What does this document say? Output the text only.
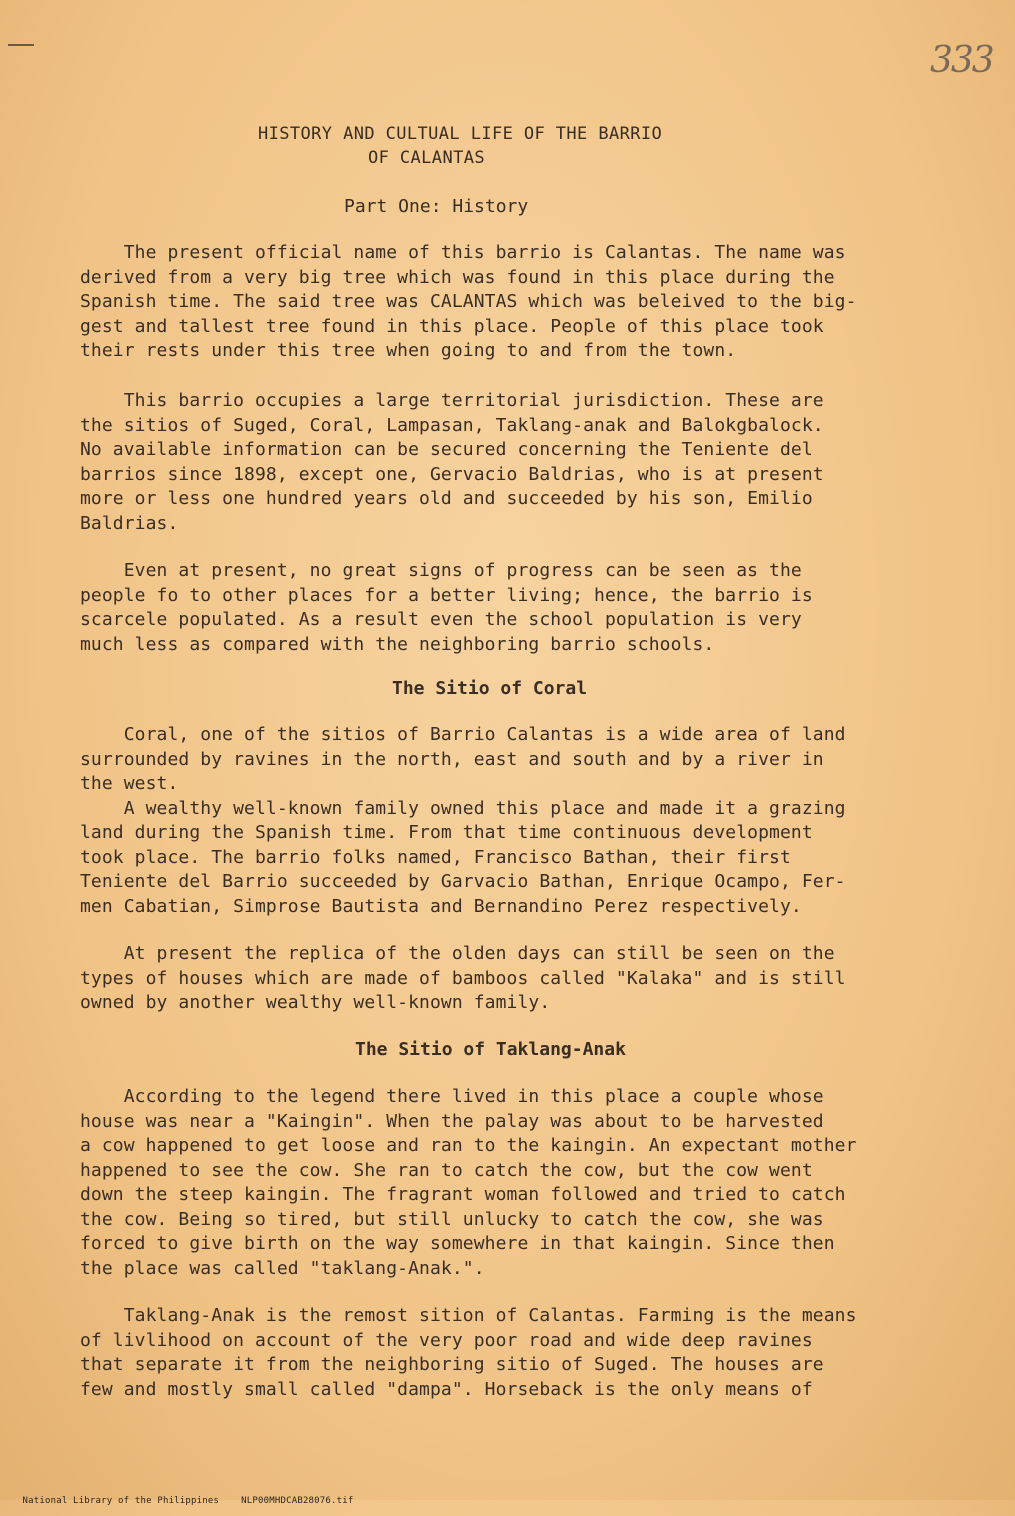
333
HISTORY AND CULTUAL LIFE OF THE BARRIO
OF CALANTAS
Part One: History
The present official name of this barrio is Calantas. The name was
derived from a very big tree which was found in this place during the
Spanish time. The said tree was CALANTAS which was beleived to the big-
gest and tallest tree found in this place. People of this place took
their rests under this tree when going to and from the town.
This barrio occupies a large territorial jurisdiction. These are
the sitios of Suged, Coral, Lampasan, Taklang-anak and Balokgbalock.
No available information can be secured concerning the Teniente del
barrios since 1898, except one, Gervacio Baldrias, who is at present
more or less one hundred years old and succeeded by his son, Emilio
Baldrias.
Even at present, no great signs of progress can be seen as the
people fo to other places for a better living; hence, the barrio is
scarcele populated. As a result even the school population is very
much less as compared with the neighboring barrio schools.
The Sitio of Coral
Coral, one of the sitios of Barrio Calantas is a wide area of land
surrounded by ravines in the north, east and south and by a river in
the west.
A wealthy well-known family owned this place and made it a grazing
land during the Spanish time. From that time continuous development
took place. The barrio folks named, Francisco Bathan, their first
Teniente del Barrio succeeded by Garvacio Bathan, Enrique Ocampo, Fer-
men Cabatian, Simprose Bautista and Bernandino Perez respectively.
At present the replica of the olden days can still be seen on the
types of houses which are made of bamboos called "Kalaka" and is still
owned by another wealthy well-known family.
The Sitio of Taklang-Anak
According to the legend there lived in this place a couple whose
house was near a "Kaingin". When the palay was about to be harvested
a cow happened to get loose and ran to the kaingin. An expectant mother
happened to see the cow. She ran to catch the cow, but the cow went
down the steep kaingin. The fragrant woman followed and tried to catch
the cow. Being so tired, but still unlucky to catch the cow, she was
forced to give birth on the way somewhere in that kaingin. Since then
the place was called "taklang-Anak.".
Taklang-Anak is the remost sition of Calantas. Farming is the means
of livlihood on account of the very poor road and wide deep ravines
that separate it from the neighboring sitio of Suged. The houses are
few and mostly small called "dampa". Horseback is the only means of

National Library of the Philippines NLP00MHDCAB28076.tif
